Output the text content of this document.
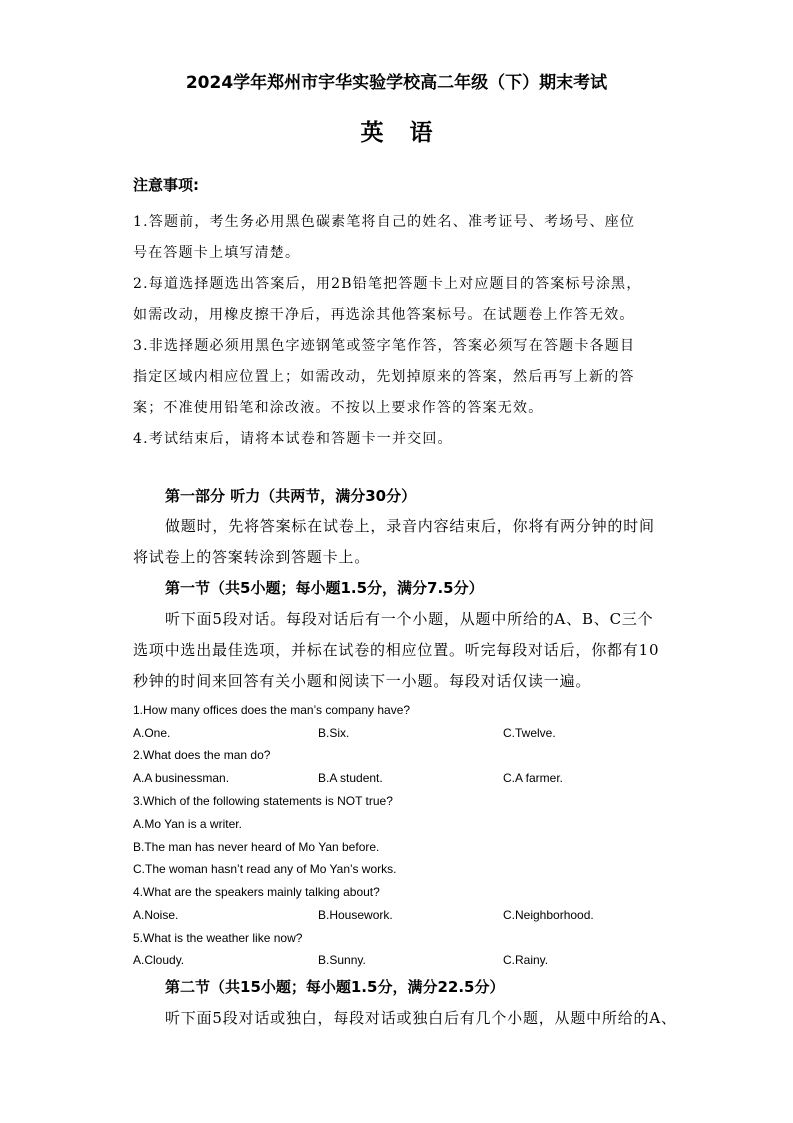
2024学年郑州市宇华实验学校高二年级（下）期末考试
英语
注意事项:
1.答题前，考生务必用黑色碳素笔将自己的姓名、准考证号、考场号、座位
号在答题卡上填写清楚。
2.每道选择题选出答案后，用2B铅笔把答题卡上对应题目的答案标号涂黑，
如需改动，用橡皮擦干净后，再选涂其他答案标号。在试题卷上作答无效。
3.非选择题必须用黑色字迹钢笔或签字笔作答，答案必须写在答题卡各题目
指定区域内相应位置上；如需改动，先划掉原来的答案，然后再写上新的答
案；不准使用铅笔和涂改液。不按以上要求作答的答案无效。
4.考试结束后，请将本试卷和答题卡一并交回。
第一部分 听力（共两节，满分30分）
做题时，先将答案标在试卷上，录音内容结束后，你将有两分钟的时间
将试卷上的答案转涂到答题卡上。
第一节（共5小题；每小题1.5分，满分7.5分）
听下面5段对话。每段对话后有一个小题，从题中所给的A、B、C三个
选项中选出最佳选项，并标在试卷的相应位置。听完每段对话后，你都有10
秒钟的时间来回答有关小题和阅读下一小题。每段对话仅读一遍。
1.How many offices does the man’s company have?
A.One.	B.Six.	C.Twelve.
2.What does the man do?
A.A businessman.	B.A student.	C.A farmer.
3.Which of the following statements is NOT true?
A.Mo Yan is a writer.
B.The man has never heard of Mo Yan before.
C.The woman hasn’t read any of Mo Yan’s works.
4.What are the speakers mainly talking about?
A.Noise.	B.Housework.	C.Neighborhood.
5.What is the weather like now?
A.Cloudy.	B.Sunny.	C.Rainy.
第二节（共15小题；每小题1.5分，满分22.5分）
听下面5段对话或独白，每段对话或独白后有几个小题，从题中所给的A、
